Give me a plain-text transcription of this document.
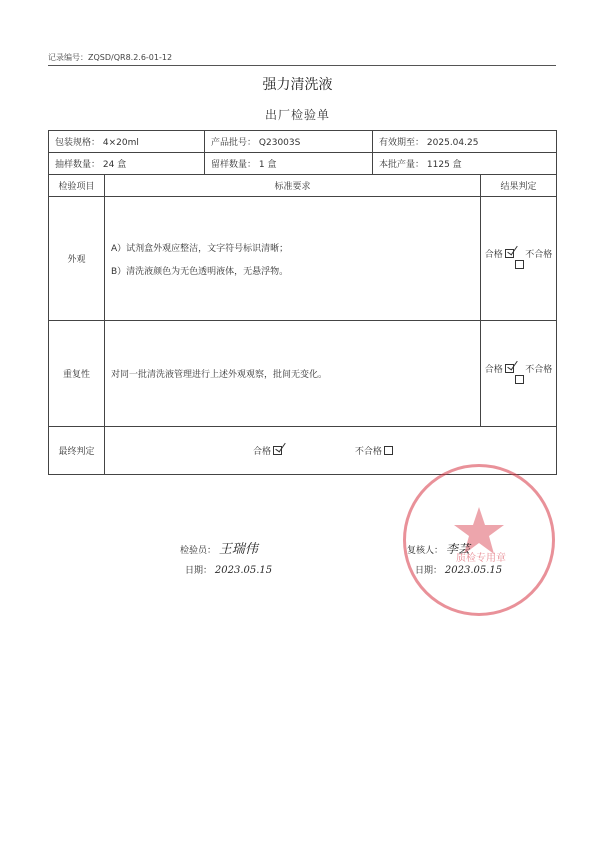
记录编号：ZQSD/QR8.2.6-01-12
强力清洗液
出厂检验单
包装规格： 4×20ml		产品批号： Q23003S	有效期至： 2025.04.25	
抽样数量： 24 盒		留样数量： 1 盒	本批产量： 1125 盒	
检验项目	标准要求			结果判定
外观	A）试剂盒外观应整洁，文字符号标识清晰；
B）清洗液颜色为无色透明液体，无悬浮物。			合格 不合格
重复性	对同一批清洗液管理进行上述外观观察，批间无变化。			合格 不合格
最终判定	合格 不合格			
质检专用章
检验员： 王瑞伟
日期： 2023.05.15
复核人： 李芸
日期： 2023.05.15
